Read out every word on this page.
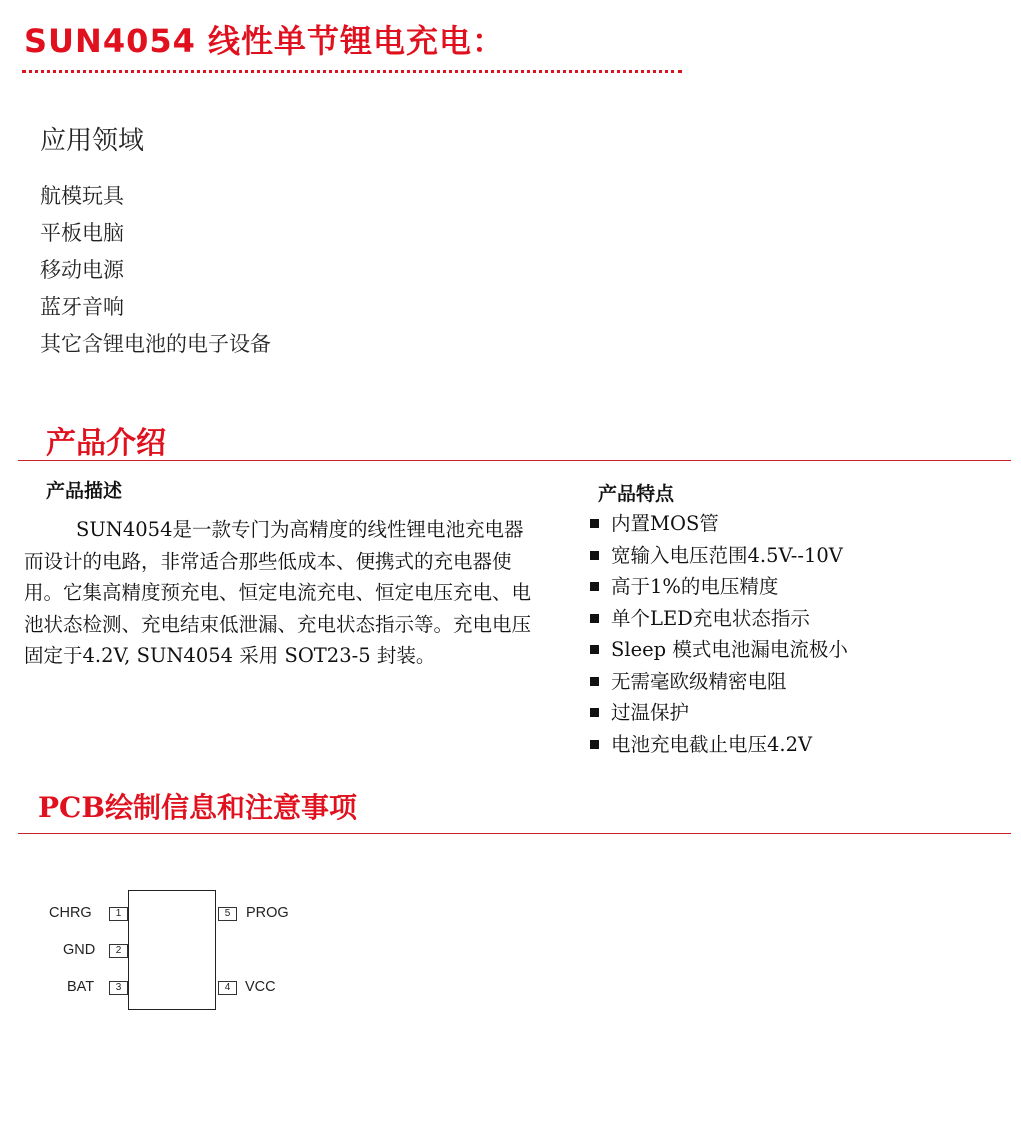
SUN4054 线性单节锂电充电：
应用领域
航模玩具
平板电脑
移动电源
蓝牙音响
其它含锂电池的电子设备
产品介绍
产品描述

SUN4054是一款专门为高精度的线性锂电池充电器而设计的电路，非常适合那些低成本、便携式的充电器使用。它集高精度预充电、恒定电流充电、恒定电压充电、电池状态检测、充电结束低泄漏、充电状态指示等。充电电压固定于4.2V, SUN4054 采用 SOT23-5 封装。

产品特点
内置MOS管
宽输入电压范围4.5V--10V
高于1%的电压精度
单个LED充电状态指示
Sleep 模式电池漏电流极小
无需毫欧级精密电阻
过温保护
电池充电截止电压4.2V
PCB绘制信息和注意事项
1
CHRG
2
GND
3
BAT	4	VCC
5	PROG
